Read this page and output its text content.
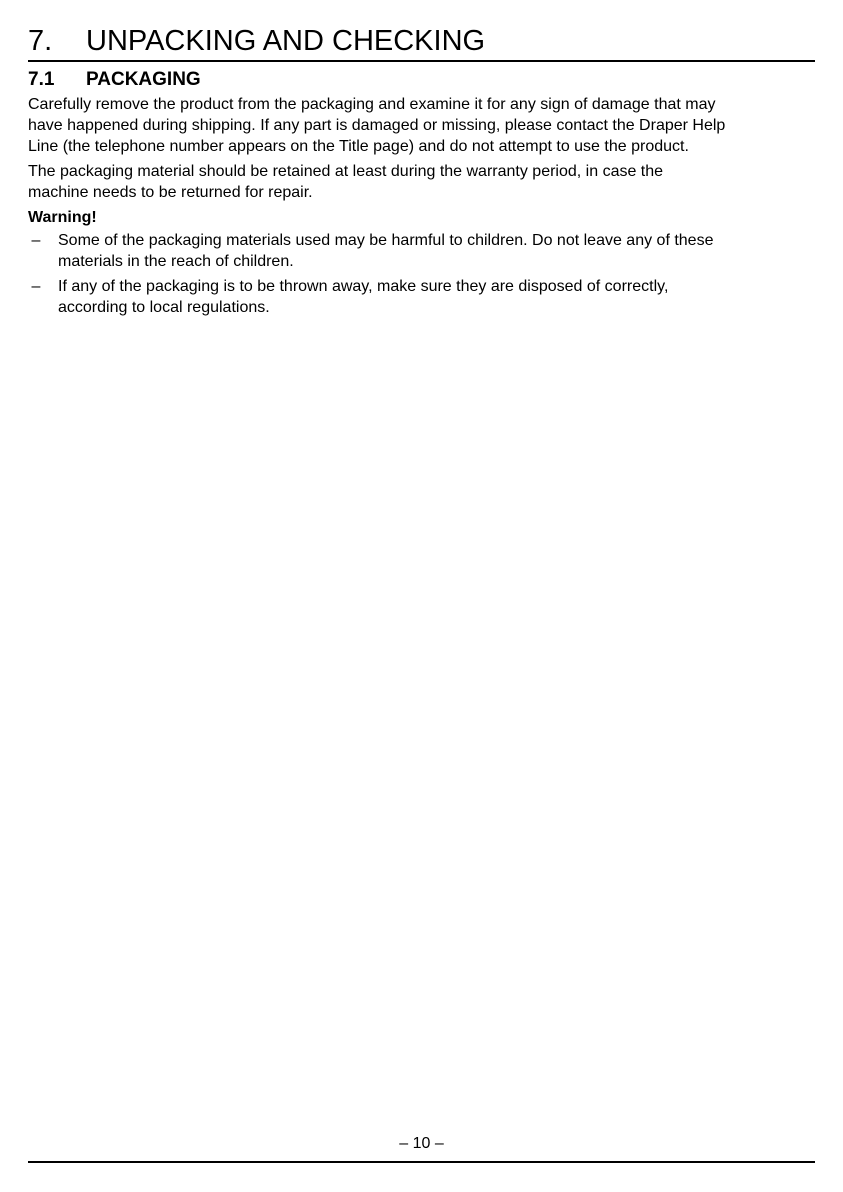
7. UNPACKING AND CHECKING
7.1 PACKAGING

Carefully remove the product from the packaging and examine it for any sign of damage that may
have happened during shipping. If any part is damaged or missing, please contact the Draper Help
Line (the telephone number appears on the Title page) and do not attempt to use the product.

The packaging material should be retained at least during the warranty period, in case the
machine needs to be returned for repair.

Warning!

– Some of the packaging materials used may be harmful to children. Do not leave any of these
materials in the reach of children.
– If any of the packaging is to be thrown away, make sure they are disposed of correctly,
according to local regulations.
– 10 –
